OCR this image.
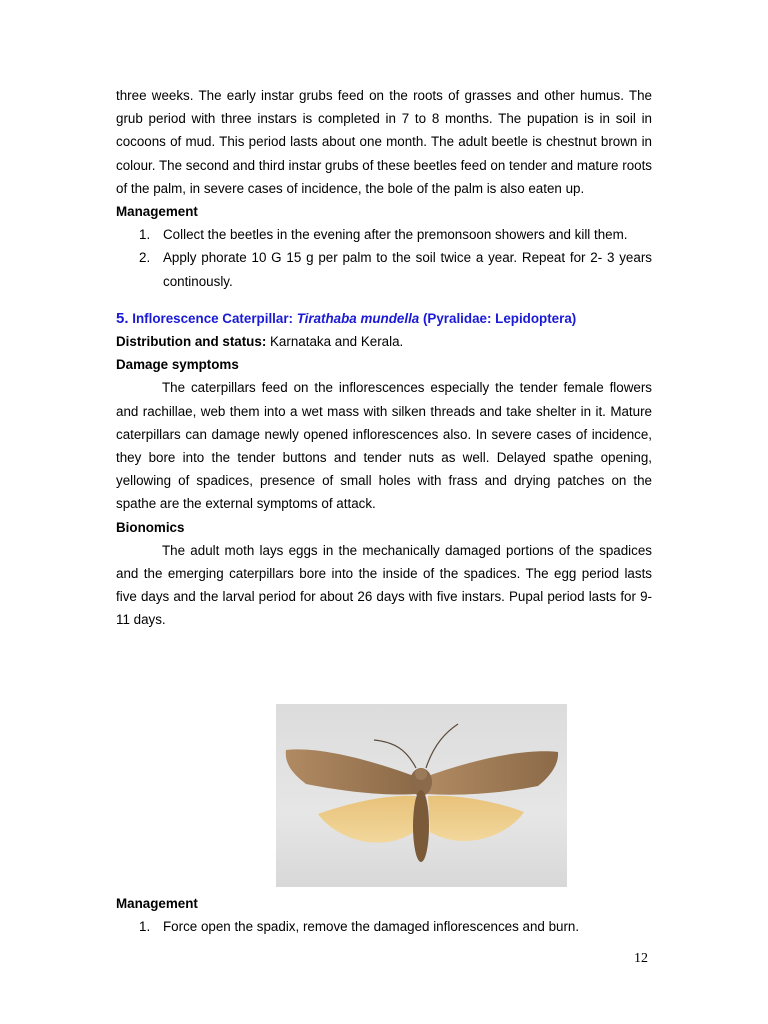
three weeks. The early instar grubs feed on the roots of grasses and other humus. The grub period with three instars is completed in 7 to 8 months. The pupation is in soil in cocoons of mud. This period lasts about one month. The adult beetle is chestnut brown in colour. The second and third instar grubs of these beetles feed on tender and mature roots of the palm, in severe cases of incidence, the bole of the palm is also eaten up.

Management
1. Collect the beetles in the evening after the premonsoon showers and kill them.
2. Apply phorate 10 G 15 g per palm to the soil twice a year. Repeat for 2- 3 years continously.
5. Inflorescence Caterpillar: Tirathaba mundella (Pyralidae: Lepidoptera)

Distribution and status: Karnataka and Kerala.

Damage symptoms

The caterpillars feed on the inflorescences especially the tender female flowers and rachillae, web them into a wet mass with silken threads and take shelter in it. Mature caterpillars can damage newly opened inflorescences also. In severe cases of incidence, they bore into the tender buttons and tender nuts as well. Delayed spathe opening, yellowing of spadices, presence of small holes with frass and drying patches on the spathe are the external symptoms of attack.

Bionomics

The adult moth lays eggs in the mechanically damaged portions of the spadices and the emerging caterpillars bore into the inside of the spadices. The egg period lasts five days and the larval period for about 26 days with five instars. Pupal period lasts for 9-11 days.

Management
1. Force open the spadix, remove the damaged inflorescences and burn.
12
